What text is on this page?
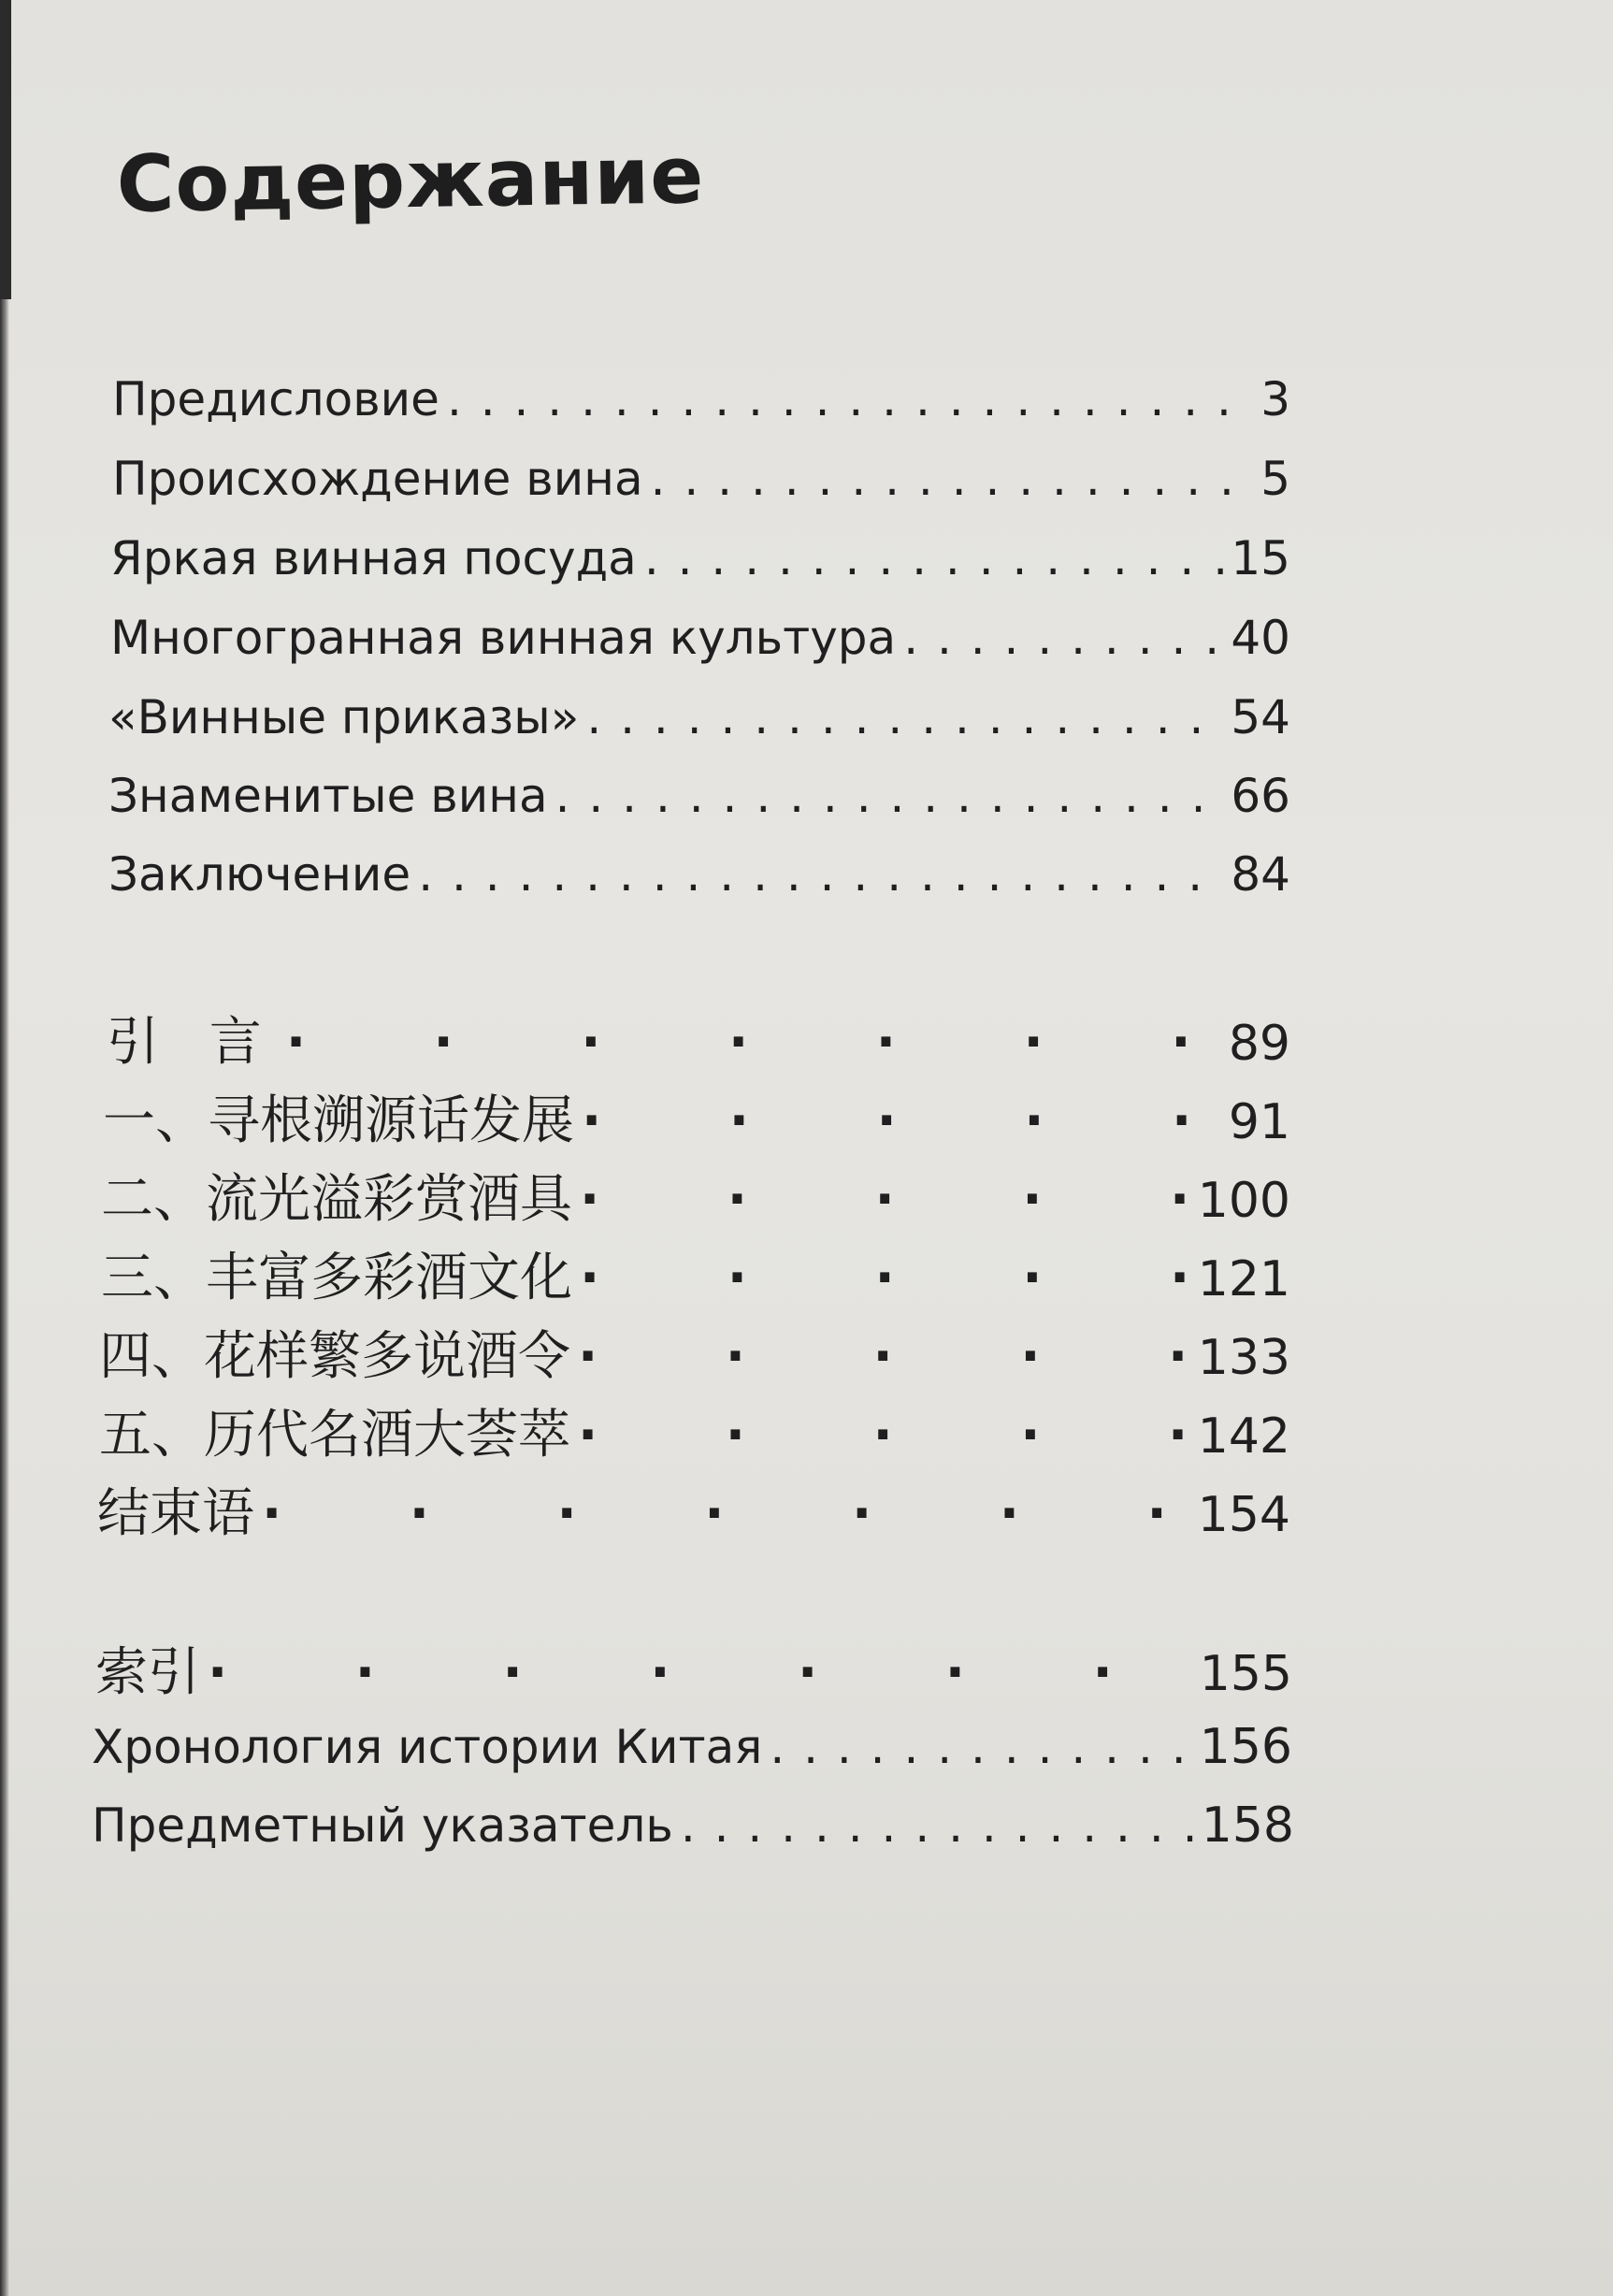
Содержание
Предисловие . . .	3
Происхождение вина . . .	5
Яркая винная посуда . . .	15
Многогранная винная культура . . .	40
«Винные приказы» . . .	54
Знаменитые вина . . .	66
Заключение . . .	84
引 言 ·	89
一、寻根溯源话发展 ·	91
二、流光溢彩赏酒具 ·	100
三、丰富多彩酒文化 ·	121
四、花样繁多说酒令 ·	133
五、历代名酒大荟萃 ·	142
结束语 ·	154
索引 ·	155
Хронология истории Китая . . .	156
Предметный указатель . . .	158
